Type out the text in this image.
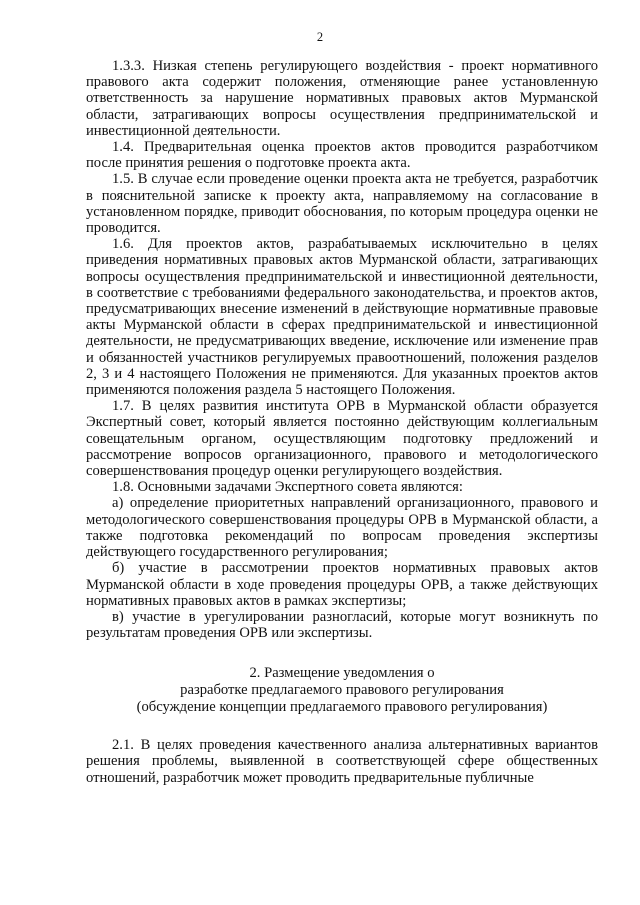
2

1.3.3. Низкая степень регулирующего воздействия - проект нормативного правового акта содержит положения, отменяющие ранее установленную ответственность за нарушение нормативных правовых актов Мурманской области, затрагивающих вопросы осуществления предпринимательской и инвестиционной деятельности.

1.4. Предварительная оценка проектов актов проводится разработчиком после принятия решения о подготовке проекта акта.

1.5. В случае если проведение оценки проекта акта не требуется, разработчик в пояснительной записке к проекту акта, направляемому на согласование в установленном порядке, приводит обоснования, по которым процедура оценки не проводится.

1.6. Для проектов актов, разрабатываемых исключительно в целях приведения нормативных правовых актов Мурманской области, затрагивающих вопросы осуществления предпринимательской и инвестиционной деятельности, в соответствие с требованиями федерального законодательства, и проектов актов, предусматривающих внесение изменений в действующие нормативные правовые акты Мурманской области в сферах предпринимательской и инвестиционной деятельности, не предусматривающих введение, исключение или изменение прав и обязанностей участников регулируемых правоотношений, положения разделов 2, 3 и 4 настоящего Положения не применяются. Для указанных проектов актов применяются положения раздела 5 настоящего Положения.

1.7. В целях развития института ОРВ в Мурманской области образуется Экспертный совет, который является постоянно действующим коллегиальным совещательным органом, осуществляющим подготовку предложений и рассмотрение вопросов организационного, правового и методологического совершенствования процедур оценки регулирующего воздействия.

1.8. Основными задачами Экспертного совета являются:

а) определение приоритетных направлений организационного, правового и методологического совершенствования процедуры ОРВ в Мурманской области, а также подготовка рекомендаций по вопросам проведения экспертизы действующего государственного регулирования;

б) участие в рассмотрении проектов нормативных правовых актов Мурманской области в ходе проведения процедуры ОРВ, а также действующих нормативных правовых актов в рамках экспертизы;

в) участие в урегулировании разногласий, которые могут возникнуть по результатам проведения ОРВ или экспертизы.

2. Размещение уведомления о
разработке предлагаемого правового регулирования
(обсуждение концепции предлагаемого правового регулирования)

2.1. В целях проведения качественного анализа альтернативных вариантов решения проблемы, выявленной в соответствующей сфере общественных отношений, разработчик может проводить предварительные публичные
